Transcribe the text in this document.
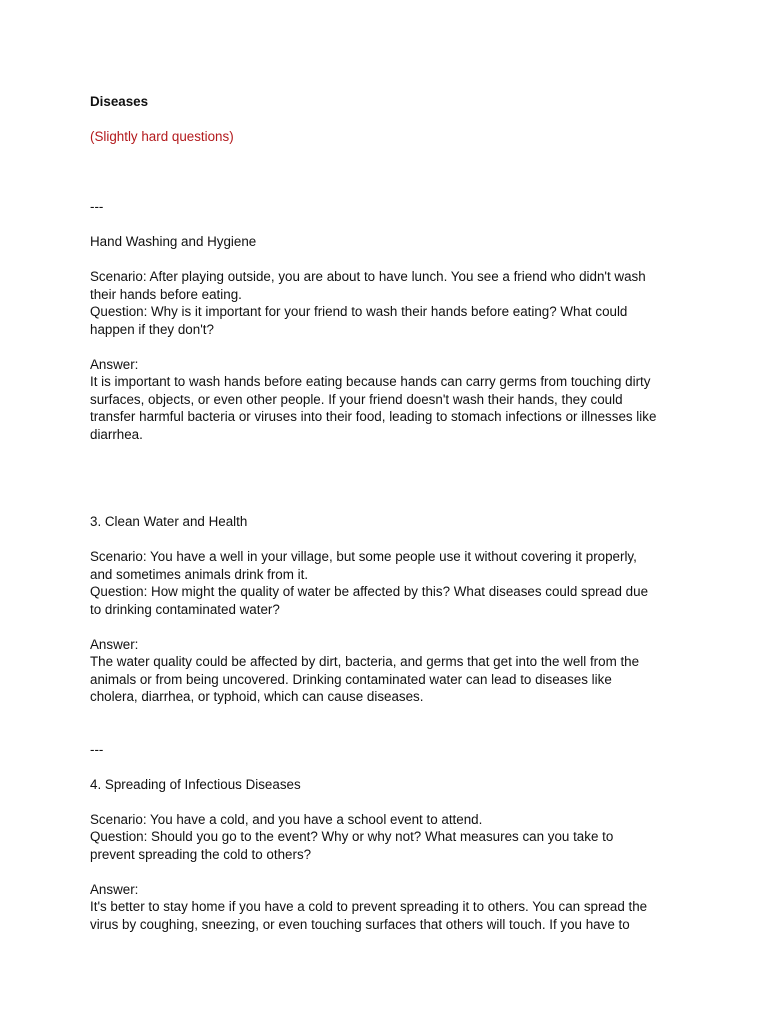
Diseases

(Slightly hard questions)

---

Hand Washing and Hygiene

Scenario: After playing outside, you are about to have lunch. You see a friend who didn't wash
their hands before eating.

Question: Why is it important for your friend to wash their hands before eating? What could
happen if they don't?

Answer:

It is important to wash hands before eating because hands can carry germs from touching dirty
surfaces, objects, or even other people. If your friend doesn't wash their hands, they could
transfer harmful bacteria or viruses into their food, leading to stomach infections or illnesses like
diarrhea.

3. Clean Water and Health

Scenario: You have a well in your village, but some people use it without covering it properly,
and sometimes animals drink from it.

Question: How might the quality of water be affected by this? What diseases could spread due
to drinking contaminated water?

Answer:

The water quality could be affected by dirt, bacteria, and germs that get into the well from the
animals or from being uncovered. Drinking contaminated water can lead to diseases like
cholera, diarrhea, or typhoid, which can cause diseases.

---

4. Spreading of Infectious Diseases

Scenario: You have a cold, and you have a school event to attend.

Question: Should you go to the event? Why or why not? What measures can you take to
prevent spreading the cold to others?

Answer:

It's better to stay home if you have a cold to prevent spreading it to others. You can spread the
virus by coughing, sneezing, or even touching surfaces that others will touch. If you have to
